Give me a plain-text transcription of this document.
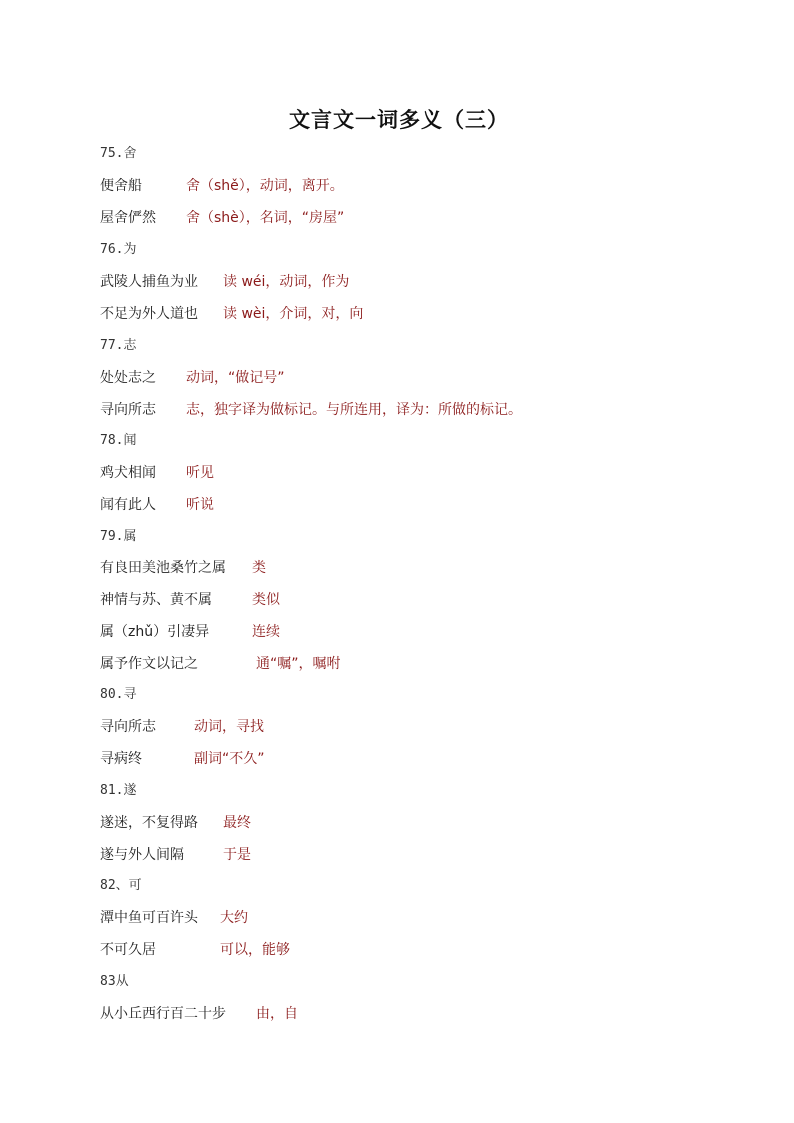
文言文一词多义（三）
75.舍
便舍船	舍（shě），动词，离开。
屋舍俨然 舍（shè），名词，“房屋”
76.为
武陵人捕鱼为业 读 wéi，动词，作为
不足为外人道也 读 wèi，介词，对，向
77.志
处处志之 动词，“做记号”
寻向所志 志，独字译为做标记。与所连用，译为：所做的标记。
78.闻
鸡犬相闻 听见
闻有此人 听说
79.属
有良田美池桑竹之属 类
神情与苏、黄不属	类似
属（zhǔ）引凄异	连续
属予作文以记之	通“嘱”，嘱咐
80.寻
寻向所志	动词，寻找
寻病终	副词“不久”
81.遂
遂迷，不复得路 最终
遂与外人间隔	于是
82、可
潭中鱼可百许头 大约
不可久居	可以，能够
83从
从小丘西行百二十步 由，自
